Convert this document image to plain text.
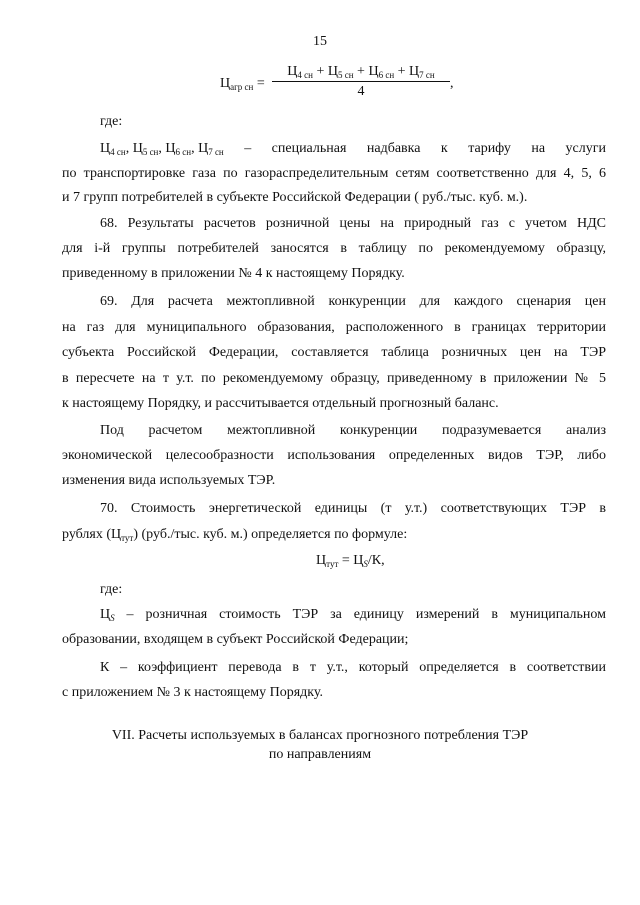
15
$Ц_{агр сн}$ =
$Ц_{4 сн} + Ц_{5 сн} + Ц_{6 сн} + Ц_{7 сн}$
4
,
где:
$Ц_{4 сн}$, $Ц_{5 сн}$, $Ц_{6 сн}$, $Ц_{7 сн}$ – специальная надбавка к тарифу на услуги
по транспортировке газа по газораспределительным сетям соответственно для 4, 5, 6
и 7 групп потребителей в субъекте Российской Федерации ( руб./тыс. куб. м.).
68. Результаты расчетов розничной цены на природный газ с учетом НДС
для i-й группы потребителей заносятся в таблицу по рекомендуемому образцу,
приведенному в приложении № 4 к настоящему Порядку.
69. Для расчета межтопливной конкуренции для каждого сценария цен
на газ для муниципального образования, расположенного в границах территории
субъекта Российской Федерации, составляется таблица розничных цен на ТЭР
в пересчете на т у.т. по рекомендуемому образцу, приведенному в приложении № 5
к настоящему Порядку, и рассчитывается отдельный прогнозный баланс.
Под расчетом межтопливной конкуренции подразумевается анализ
экономической целесообразности использования определенных видов ТЭР, либо
изменения вида используемых ТЭР.
70. Стоимость энергетической единицы (т у.т.) соответствующих ТЭР в
рублях $(Ц_{тут})$ (руб./тыс. куб. м.) определяется по формуле:
$Ц_{тут} = Ц_S/К$,
где:
$Ц_S$ – розничная стоимость ТЭР за единицу измерений в муниципальном
образовании, входящем в субъект Российской Федерации;
К – коэффициент перевода в т у.т., который определяется в соответствии
с приложением № 3 к настоящему Порядку.
VII. Расчеты используемых в балансах прогнозного потребления ТЭР
по направлениям
